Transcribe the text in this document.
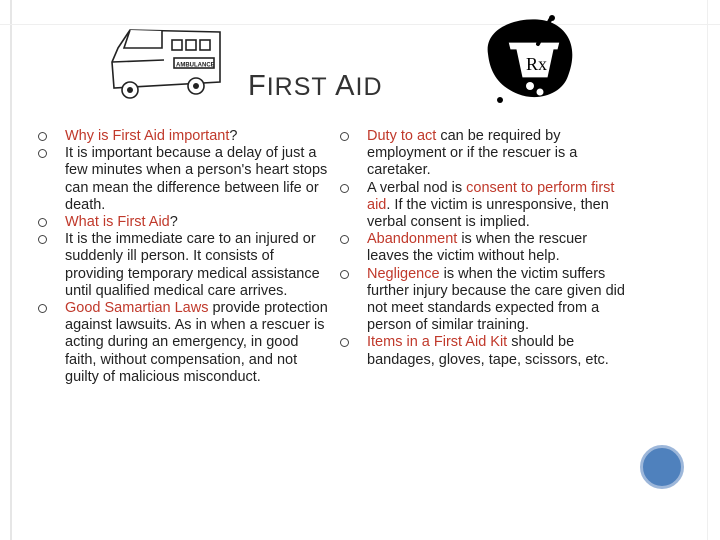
AMBULANCE	Rx
FIRST AID

Why is First Aid important?

It is important because a delay of just a few minutes when a person's heart stops can mean the difference between life or death.

What is First Aid?

It is the immediate care to an injured or suddenly ill person. It consists of providing temporary medical assistance until qualified medical care arrives.

Good Samartian Laws provide protection against lawsuits. As in when a rescuer is acting during an emergency, in good faith, without compensation, and not guilty of malicious misconduct.

Duty to act can be required by employment or if the rescuer is a caretaker.

A verbal nod is consent to perform first aid. If the victim is unresponsive, then verbal consent is implied.

Abandonment is when the rescuer leaves the victim without help.

Negligence is when the victim suffers further injury because the care given did not meet standards expected from a person of similar training.

Items in a First Aid Kit should be bandages, gloves, tape, scissors, etc.
